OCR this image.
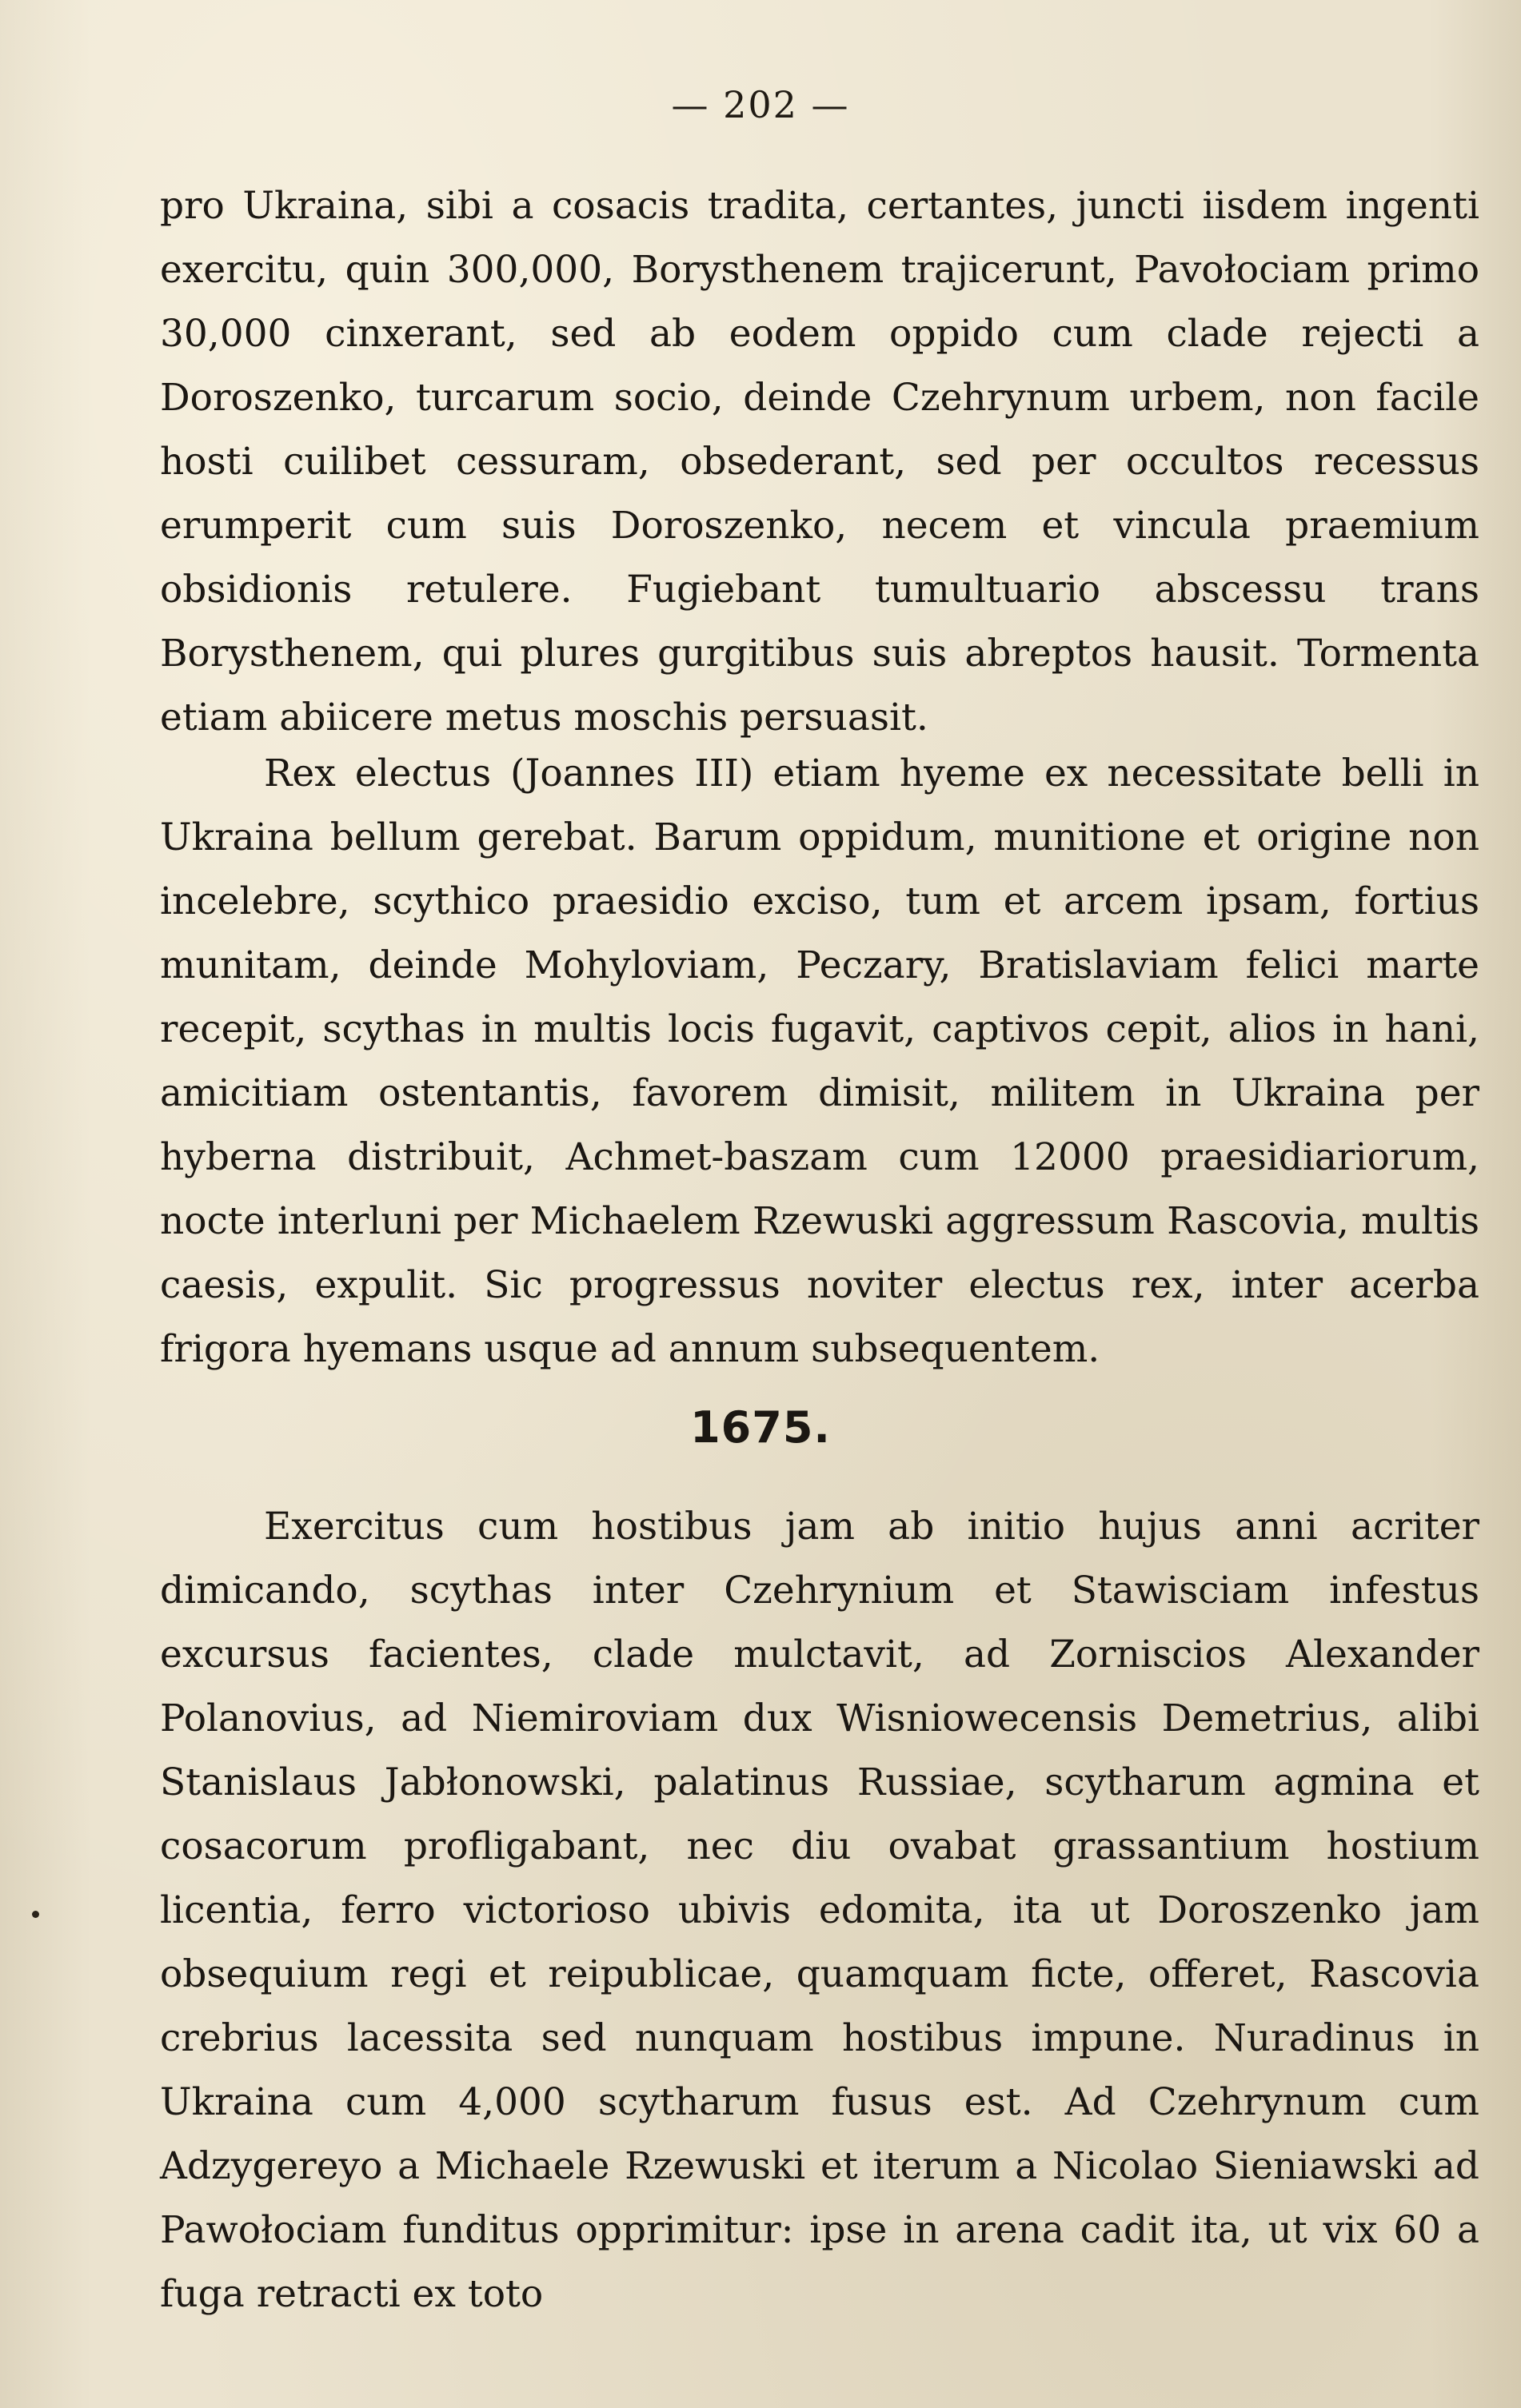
— 202 —

pro Ukraina, sibi a cosacis tradita, certantes, juncti iisdem ingenti exercitu, quin 300,000, Borysthenem trajicerunt, Pavołociam primo 30,000 cinxerant, sed ab eodem oppido cum clade rejecti a Doroszenko, turcarum socio, deinde Czehrynum urbem, non facile hosti cuilibet cessuram, obsederant, sed per occultos recessus erumperit cum suis Doroszenko, necem et vincula praemium obsidionis retulere. Fugiebant tumultuario abscessu trans Borysthenem, qui plures gurgitibus suis abreptos hausit. Tormenta etiam abiicere metus moschis persuasit.

Rex electus (Joannes III) etiam hyeme ex necessitate belli in Ukraina bellum gerebat. Barum oppidum, munitione et origine non incelebre, scythico praesidio exciso, tum et arcem ipsam, fortius munitam, deinde Mohyloviam, Peczary, Bratislaviam felici marte recepit, scythas in multis locis fugavit, captivos cepit, alios in hani, amicitiam ostentantis, favorem dimisit, militem in Ukraina per hyberna distribuit, Achmet-baszam cum 12000 praesidiariorum, nocte interluni per Michaelem Rzewuski aggressum Rascovia, multis caesis, expulit. Sic progressus noviter electus rex, inter acerba frigora hyemans usque ad annum subsequentem.

1675.

Exercitus cum hostibus jam ab initio hujus anni acriter dimicando, scythas inter Czehrynium et Stawisciam infestus excursus facientes, clade mulctavit, ad Zorniscios Alexander Polanovius, ad Niemiroviam dux Wisniowecensis Demetrius, alibi Stanislaus Jabłonowski, palatinus Russiae, scytharum agmina et cosacorum profligabant, nec diu ovabat grassantium hostium licentia, ferro victorioso ubivis edomita, ita ut Doroszenko jam obsequium regi et reipublicae, quamquam ficte, offeret, Rascovia crebrius lacessita sed nunquam hostibus impune. Nuradinus in Ukraina cum 4,000 scytharum fusus est. Ad Czehrynum cum Adzygereyo a Michaele Rzewuski et iterum a Nicolao Sieniawski ad Pawołociam funditus opprimitur: ipse in arena cadit ita, ut vix 60 a fuga retracti ex toto
